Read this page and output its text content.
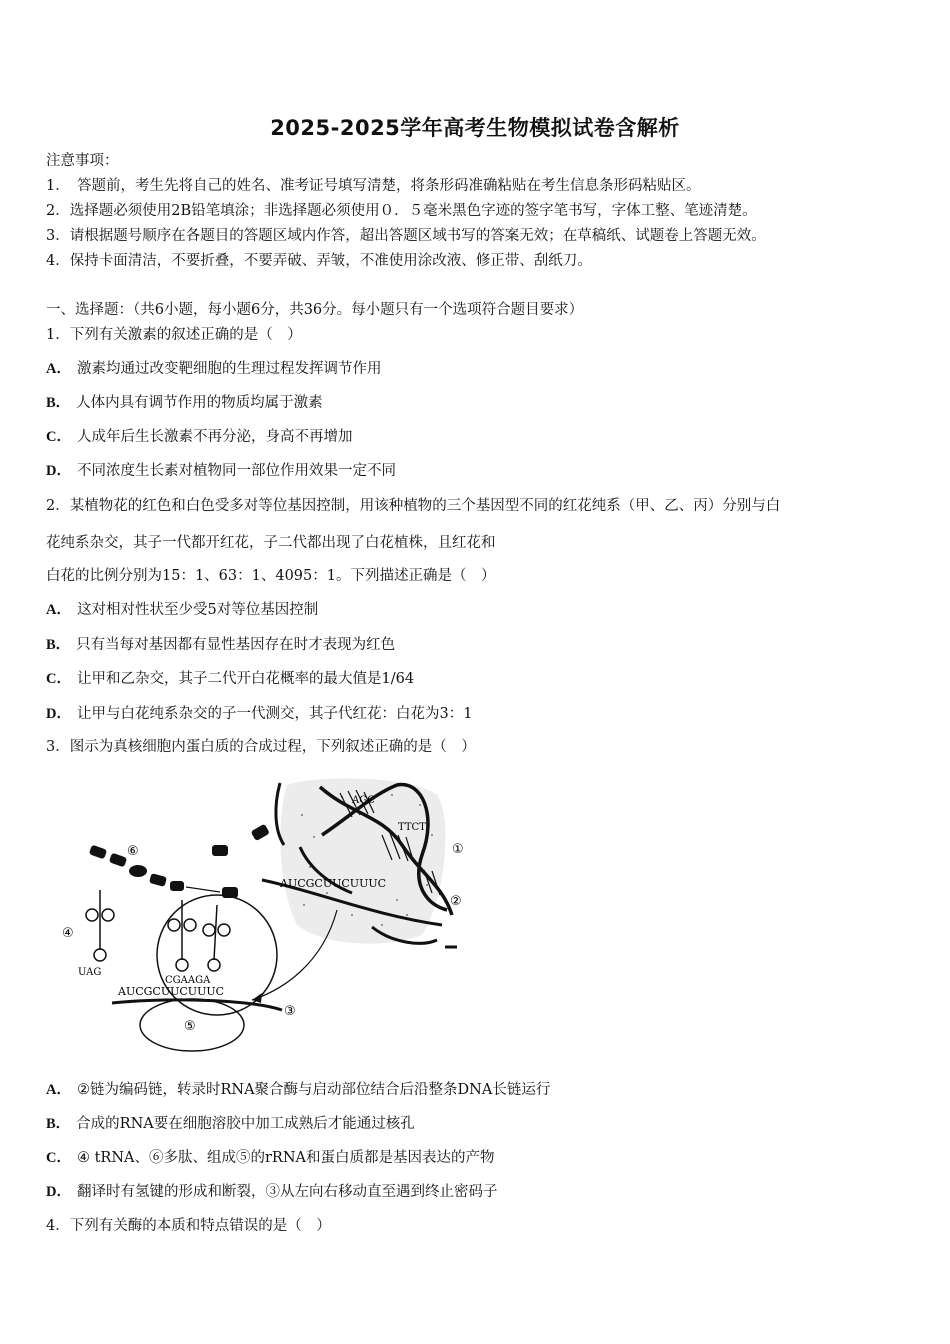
2025-2025学年高考生物模拟试卷含解析
注意事项：
1．　答题前，考生先将自己的姓名、准考证号填写清楚，将条形码准确粘贴在考生信息条形码粘贴区。
2．选择题必须使用2B铅笔填涂；非选择题必须使用０．５毫米黑色字迹的签字笔书写，字体工整、笔迹清楚。
3．请根据题号顺序在各题目的答题区域内作答，超出答题区域书写的答案无效；在草稿纸、试题卷上答题无效。
4．保持卡面清洁，不要折叠，不要弄破、弄皱，不准使用涂改液、修正带、刮纸刀。
一、选择题：（共6小题，每小题6分，共36分。每小题只有一个选项符合题目要求）
1．下列有关激素的叙述正确的是（　）
A． 激素均通过改变靶细胞的生理过程发挥调节作用
B． 人体内具有调节作用的物质均属于激素
C． 人成年后生长激素不再分泌，身高不再增加
D． 不同浓度生长素对植物同一部位作用效果一定不同
2．某植物花的红色和白色受多对等位基因控制，用该种植物的三个基因型不同的红花纯系（甲、乙、丙）分别与白
花纯系杂交，其子一代都开红花，子二代都出现了白花植株，且红花和
白花的比例分别为15：1、63：1、4095：1。下列描述正确是（　）
A． 这对相对性状至少受5对等位基因控制
B． 只有当每对基因都有显性基因存在时才表现为红色
C． 让甲和乙杂交，其子二代开白花概率的最大值是1/64
D． 让甲与白花纯系杂交的子一代测交，其子代红花：白花为3：1
3．图示为真核细胞内蛋白质的合成过程，下列叙述正确的是（　）
AGC
TTCT
①
AUCGCUUCUUUC
②
⑤
AUCGCUUCUUUC
③
UAG
④
CGAAGA
⑥
A． ②链为编码链，转录时RNA聚合酶与启动部位结合后沿整条DNA长链运行
B． 合成的RNA要在细胞溶胶中加工成熟后才能通过核孔
C． ④ tRNA、⑥多肽、组成⑤的rRNA和蛋白质都是基因表达的产物
D． 翻译时有氢键的形成和断裂，③从左向右移动直至遇到终止密码子
4．下列有关酶的本质和特点错误的是（　）
